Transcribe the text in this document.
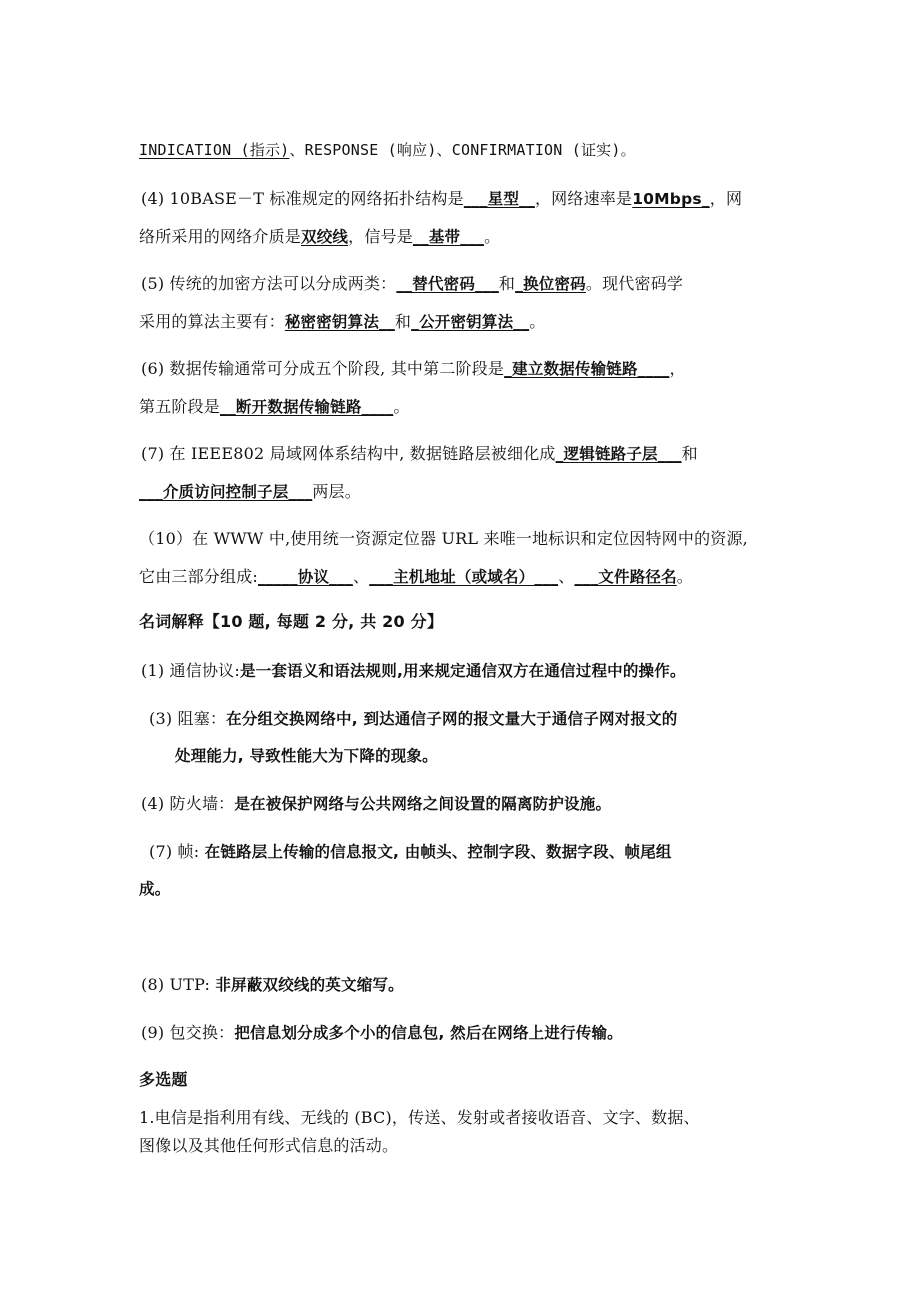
INDICATION (指示)、RESPONSE (响应)、CONFIRMATION (证实)。
(4) 10BASE－T 标准规定的网络拓扑结构是___星型__，网络速率是10Mbps_，网
络所采用的网络介质是双绞线，信号是__基带___。
(5) 传统的加密方法可以分成两类：__替代密码___和_换位密码。现代密码学
采用的算法主要有：秘密密钥算法__和_公开密钥算法__。
(6) 数据传输通常可分成五个阶段, 其中第二阶段是_建立数据传输链路____，
第五阶段是__断开数据传输链路____。
(7) 在 IEEE802 局域网体系结构中, 数据链路层被细化成_逻辑链路子层___和
___介质访问控制子层___两层。
（10）在 WWW 中,使用统一资源定位器 URL 来唯一地标识和定位因特网中的资源,
它由三部分组成:_____协议___、___主机地址（或域名）___、___文件路径名。
名词解释【10 题, 每题 2 分, 共 20 分】
(1) 通信协议:是一套语义和语法规则,用来规定通信双方在通信过程中的操作。
(3) 阻塞：在分组交换网络中, 到达通信子网的报文量大于通信子网对报文的
处理能力, 导致性能大为下降的现象。
(4) 防火墙：是在被保护网络与公共网络之间设置的隔离防护设施。
(7) 帧: 在链路层上传输的信息报文, 由帧头、控制字段、数据字段、帧尾组
成。
(8) UTP: 非屏蔽双绞线的英文缩写。
(9) 包交换：把信息划分成多个小的信息包, 然后在网络上进行传输。
多选题
1.电信是指利用有线、无线的 (BC)，传送、发射或者接收语音、文字、数据、
图像以及其他任何形式信息的活动。
